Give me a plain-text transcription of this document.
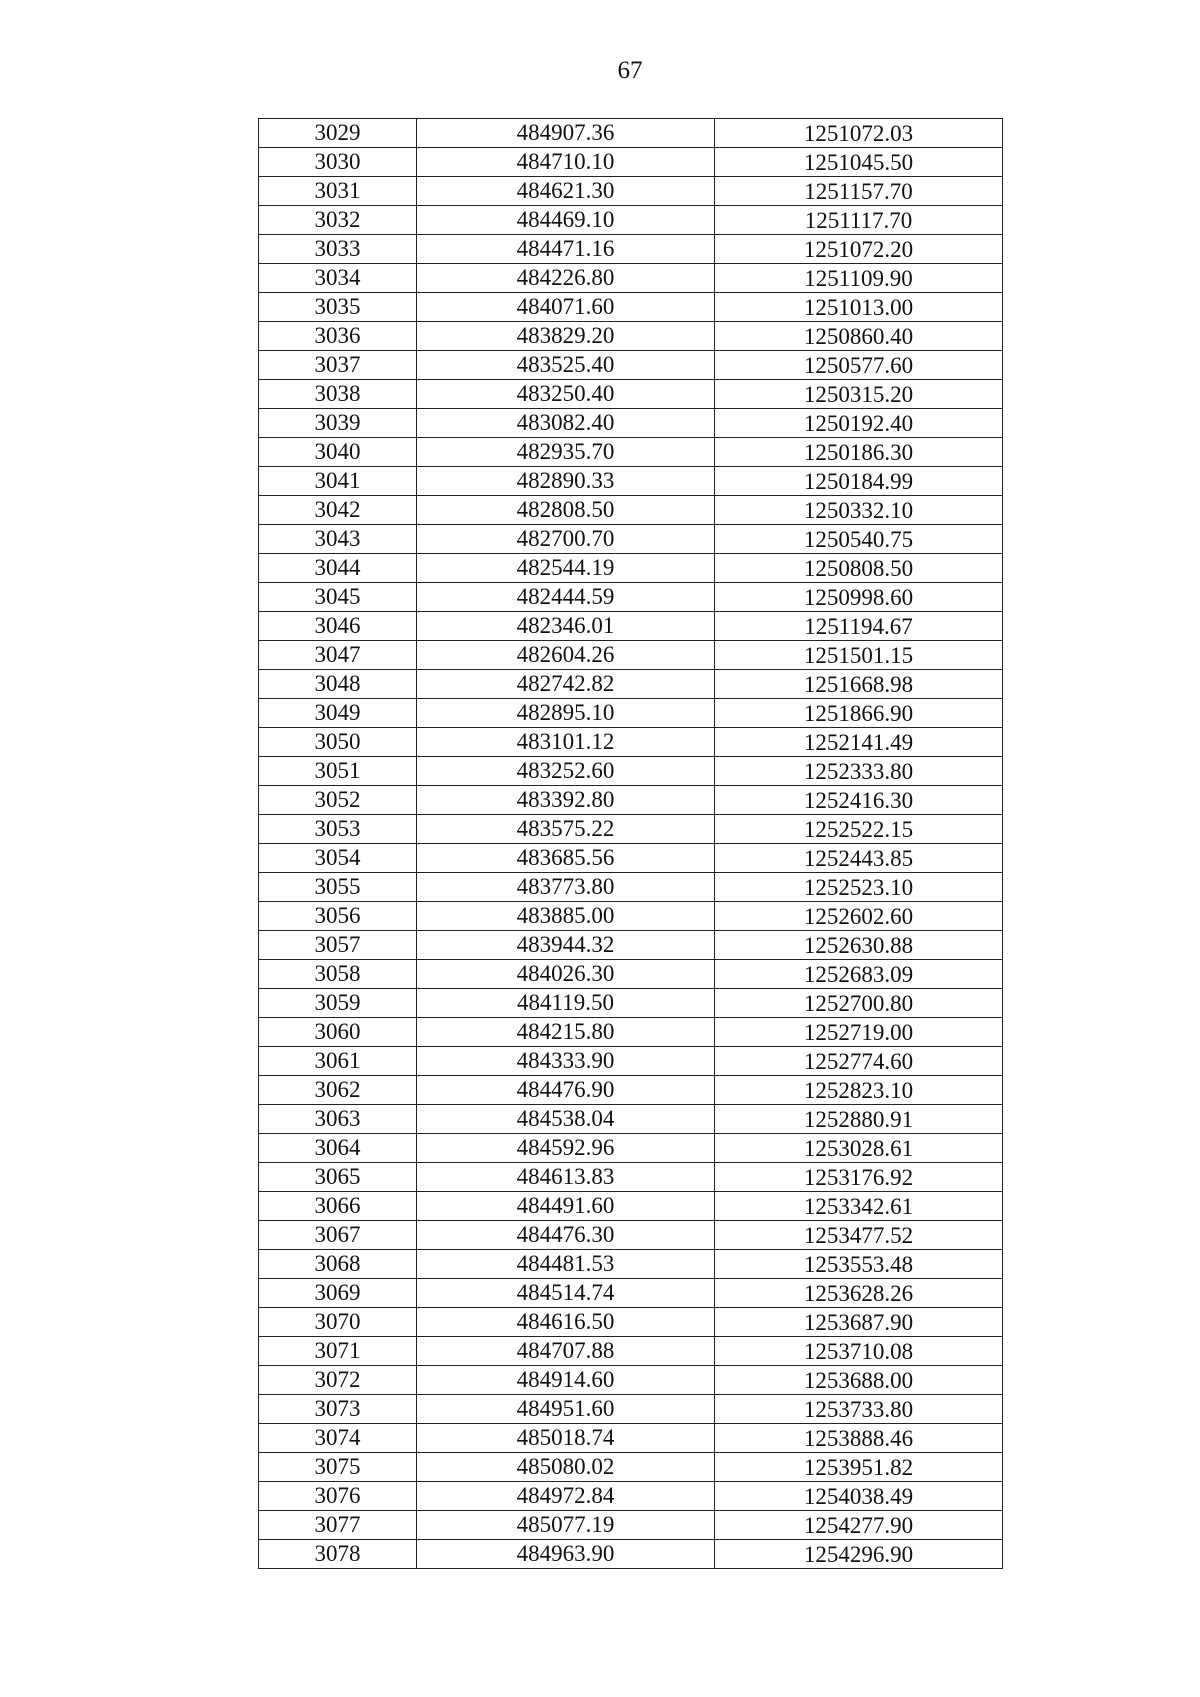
67
3029	484907.36	1251072.03
3030	484710.10	1251045.50
3031	484621.30	1251157.70
3032	484469.10	1251117.70
3033	484471.16	1251072.20
3034	484226.80	1251109.90
3035	484071.60	1251013.00
3036	483829.20	1250860.40
3037	483525.40	1250577.60
3038	483250.40	1250315.20
3039	483082.40	1250192.40
3040	482935.70	1250186.30
3041	482890.33	1250184.99
3042	482808.50	1250332.10
3043	482700.70	1250540.75
3044	482544.19	1250808.50
3045	482444.59	1250998.60
3046	482346.01	1251194.67
3047	482604.26	1251501.15
3048	482742.82	1251668.98
3049	482895.10	1251866.90
3050	483101.12	1252141.49
3051	483252.60	1252333.80
3052	483392.80	1252416.30
3053	483575.22	1252522.15
3054	483685.56	1252443.85
3055	483773.80	1252523.10
3056	483885.00	1252602.60
3057	483944.32	1252630.88
3058	484026.30	1252683.09
3059	484119.50	1252700.80
3060	484215.80	1252719.00
3061	484333.90	1252774.60
3062	484476.90	1252823.10
3063	484538.04	1252880.91
3064	484592.96	1253028.61
3065	484613.83	1253176.92
3066	484491.60	1253342.61
3067	484476.30	1253477.52
3068	484481.53	1253553.48
3069	484514.74	1253628.26
3070	484616.50	1253687.90
3071	484707.88	1253710.08
3072	484914.60	1253688.00
3073	484951.60	1253733.80
3074	485018.74	1253888.46
3075	485080.02	1253951.82
3076	484972.84	1254038.49
3077	485077.19	1254277.90
3078	484963.90	1254296.90
